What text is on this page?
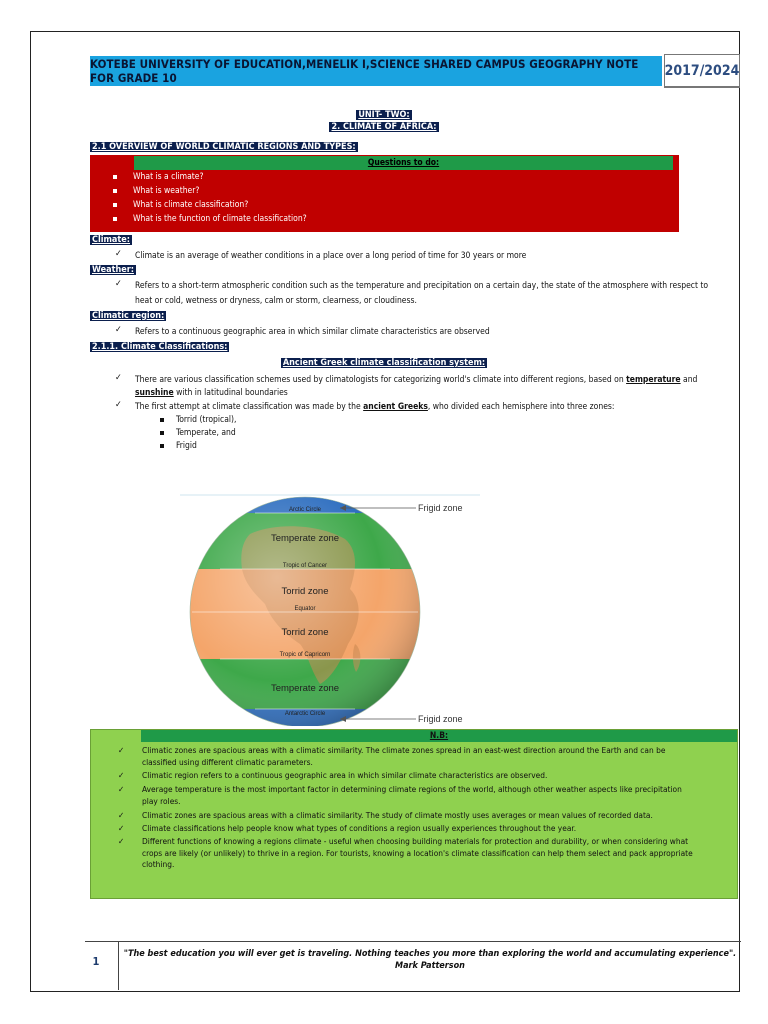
KOTEBE UNIVERSITY OF EDUCATION,MENELIK I,SCIENCE SHARED CAMPUS GEOGRAPHY NOTE FOR GRADE 10	2017/2024
UNIT- TWO:
2. CLIMATE OF AFRICA:
2.1 OVERVIEW OF WORLD CLIMATIC REGIONS AND TYPES:
Questions to do:
What is a climate?
What is weather?
What is climate classification?
What is the function of climate classification?
Climate:
✓ Climate is an average of weather conditions in a place over a long period of time for 30 years or more
Weather:
✓ Refers to a short-term atmospheric condition such as the temperature and precipitation on a certain day, the state of the atmosphere with respect to
heat or cold, wetness or dryness, calm or storm, clearness, or cloudiness.
Climatic region:
✓ Refers to a continuous geographic area in which similar climate characteristics are observed
2.1.1. Climate Classifications:
Ancient Greek climate classification system:
✓ There are various classification schemes used by climatologists for categorizing world's climate into different regions, based on temperature and
sunshine with in latitudinal boundaries
✓ The first attempt at climate classification was made by the ancient Greeks, who divided each hemisphere into three zones:
Torrid (tropical),
Temperate, and
Frigid
Frigid zone
Frigid zone
Arctic Circle
Temperate zone
Tropic of Cancer
Torrid zone
Equator
Torrid zone
Tropic of Capricorn
Temperate zone
Antarctic Circle
N.B:
✓ Climatic zones are spacious areas with a climatic similarity. The climate zones spread in an east-west direction around the Earth and can be
classified using different climatic parameters.
✓ Climatic region refers to a continuous geographic area in which similar climate characteristics are observed.
✓ Average temperature is the most important factor in determining climate regions of the world, although other weather aspects like precipitation
play roles.
✓ Climatic zones are spacious areas with a climatic similarity. The study of climate mostly uses averages or mean values of recorded data.
✓ Climate classifications help people know what types of conditions a region usually experiences throughout the year.
✓ Different functions of knowing a regions climate - useful when choosing building materials for protection and durability, or when considering what
crops are likely (or unlikely) to thrive in a region. For tourists, knowing a location's climate classification can help them select and pack appropriate
clothing.
1
"The best education you will ever get is traveling. Nothing teaches you more than exploring the world and accumulating experience".
Mark Patterson
